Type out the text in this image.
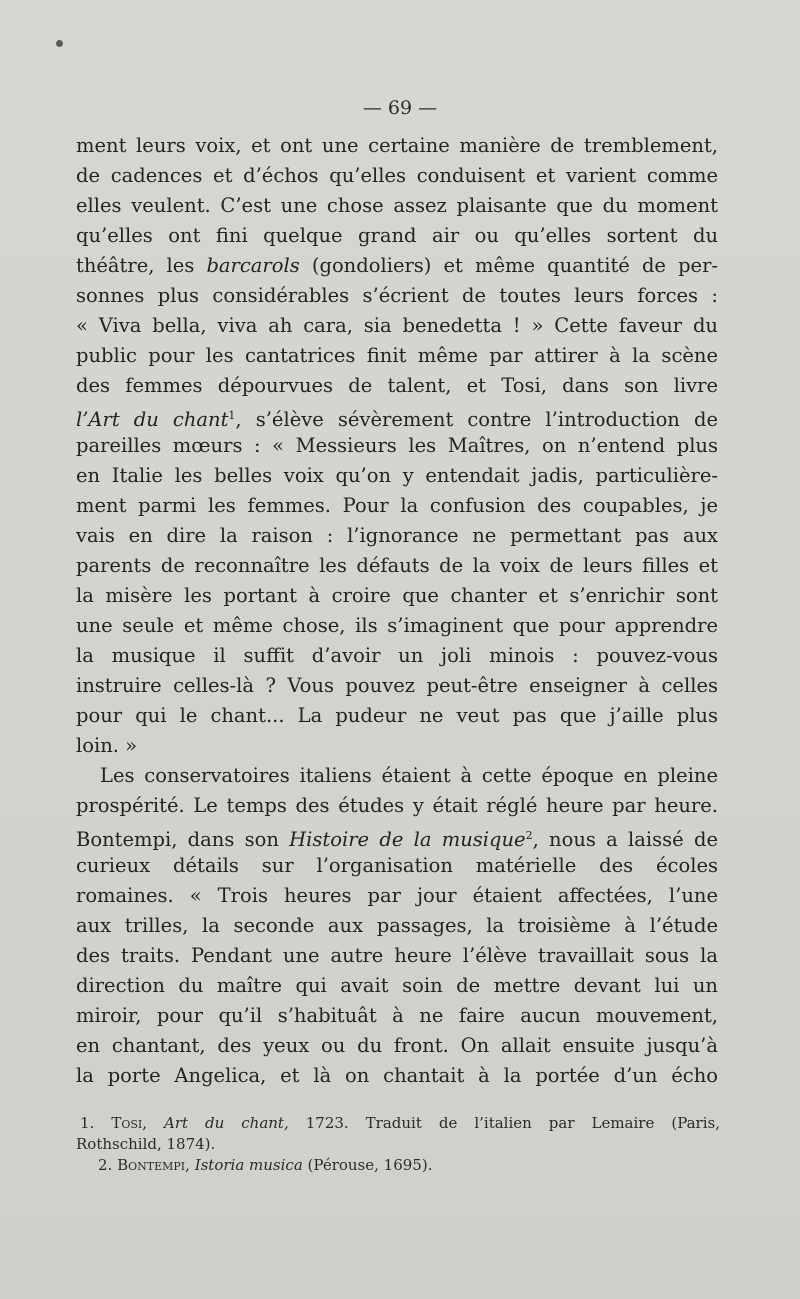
— 69 —
ment leurs voix, et ont une certaine manière de tremblement,
de cadences et d’échos qu’elles conduisent et varient comme
elles veulent. C’est une chose assez plaisante que du moment
qu’elles ont fini quelque grand air ou qu’elles sortent du
théâtre, les barcarols (gondoliers) et même quantité de per-
sonnes plus considérables s’écrient de toutes leurs forces :
« Viva bella, viva ah cara, sia benedetta ! » Cette faveur du
public pour les cantatrices finit même par attirer à la scène
des femmes dépourvues de talent, et Tosi, dans son livre
l’Art du chant$^1$, s’élève sévèrement contre l’introduction de
pareilles mœurs : « Messieurs les Maîtres, on n’entend plus
en Italie les belles voix qu’on y entendait jadis, particulière-
ment parmi les femmes. Pour la confusion des coupables, je
vais en dire la raison : l’ignorance ne permettant pas aux
parents de reconnaître les défauts de la voix de leurs filles et
la misère les portant à croire que chanter et s’enrichir sont
une seule et même chose, ils s’imaginent que pour apprendre
la musique il suffit d’avoir un joli minois : pouvez-vous
instruire celles-là ? Vous pouvez peut-être enseigner à celles
pour qui le chant... La pudeur ne veut pas que j’aille plus
loin. »
Les conservatoires italiens étaient à cette époque en pleine
prospérité. Le temps des études y était réglé heure par heure.
Bontempi, dans son Histoire de la musique$^2$, nous a laissé de
curieux détails sur l’organisation matérielle des écoles
romaines. « Trois heures par jour étaient affectées, l’une
aux trilles, la seconde aux passages, la troisième à l’étude
des traits. Pendant une autre heure l’élève travaillait sous la
direction du maître qui avait soin de mettre devant lui un
miroir, pour qu’il s’habituât à ne faire aucun mouvement,
en chantant, des yeux ou du front. On allait ensuite jusqu’à
la porte Angelica, et là on chantait à la portée d’un écho
1. Tosi, Art du chant, 1723. Traduit de l’italien par Lemaire (Paris,
Rothschild, 1874).
2. Bontempi, Istoria musica (Pérouse, 1695).
